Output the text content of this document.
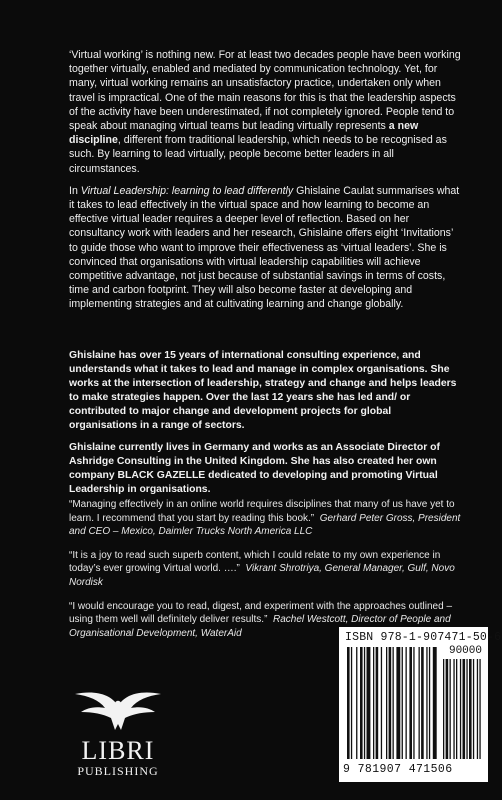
‘Virtual working’ is nothing new. For at least two decades people have been working together virtually, enabled and mediated by communication technology. Yet, for many, virtual working remains an unsatisfactory practice, undertaken only when travel is impractical. One of the main reasons for this is that the leadership aspects of the activity have been underestimated, if not completely ignored. People tend to speak about managing virtual teams but leading virtually represents a new discipline, different from traditional leadership, which needs to be recognised as such. By learning to lead virtually, people become better leaders in all circumstances.

In Virtual Leadership: learning to lead differently Ghislaine Caulat summarises what it takes to lead effectively in the virtual space and how learning to become an effective virtual leader requires a deeper level of reflection. Based on her consultancy work with leaders and her research, Ghislaine offers eight ‘Invitations’ to guide those who want to improve their effectiveness as ‘virtual leaders’. She is convinced that organisations with virtual leadership capabilities will achieve competitive advantage, not just because of substantial savings in terms of costs, time and carbon footprint. They will also become faster at developing and implementing strategies and at cultivating learning and change globally.

Ghislaine has over 15 years of international consulting experience, and understands what it takes to lead and manage in complex organisations. She works at the intersection of leadership, strategy and change and helps leaders to make strategies happen. Over the last 12 years she has led and/ or contributed to major change and development projects for global organisations in a range of sectors.

Ghislaine currently lives in Germany and works as an Associate Director of Ashridge Consulting in the United Kingdom. She has also created her own company BLACK GAZELLE dedicated to developing and promoting Virtual Leadership in organisations.

“Managing effectively in an online world requires disciplines that many of us have yet to learn. I recommend that you start by reading this book.” Gerhard Peter Gross, President and CEO – Mexico, Daimler Trucks North America LLC

“It is a joy to read such superb content, which I could relate to my own experience in today’s ever growing Virtual world. ….” Vikrant Shrotriya, General Manager, Gulf, Novo Nordisk

“I would encourage you to read, digest, and experiment with the approaches outlined – using them well will definitely deliver results.” Rachel Westcott, Director of People and Organisational Development, WaterAid

LIBRI
PUBLISHING
ISBN 978-1-907471-50-6
90000
9 781907 471506
